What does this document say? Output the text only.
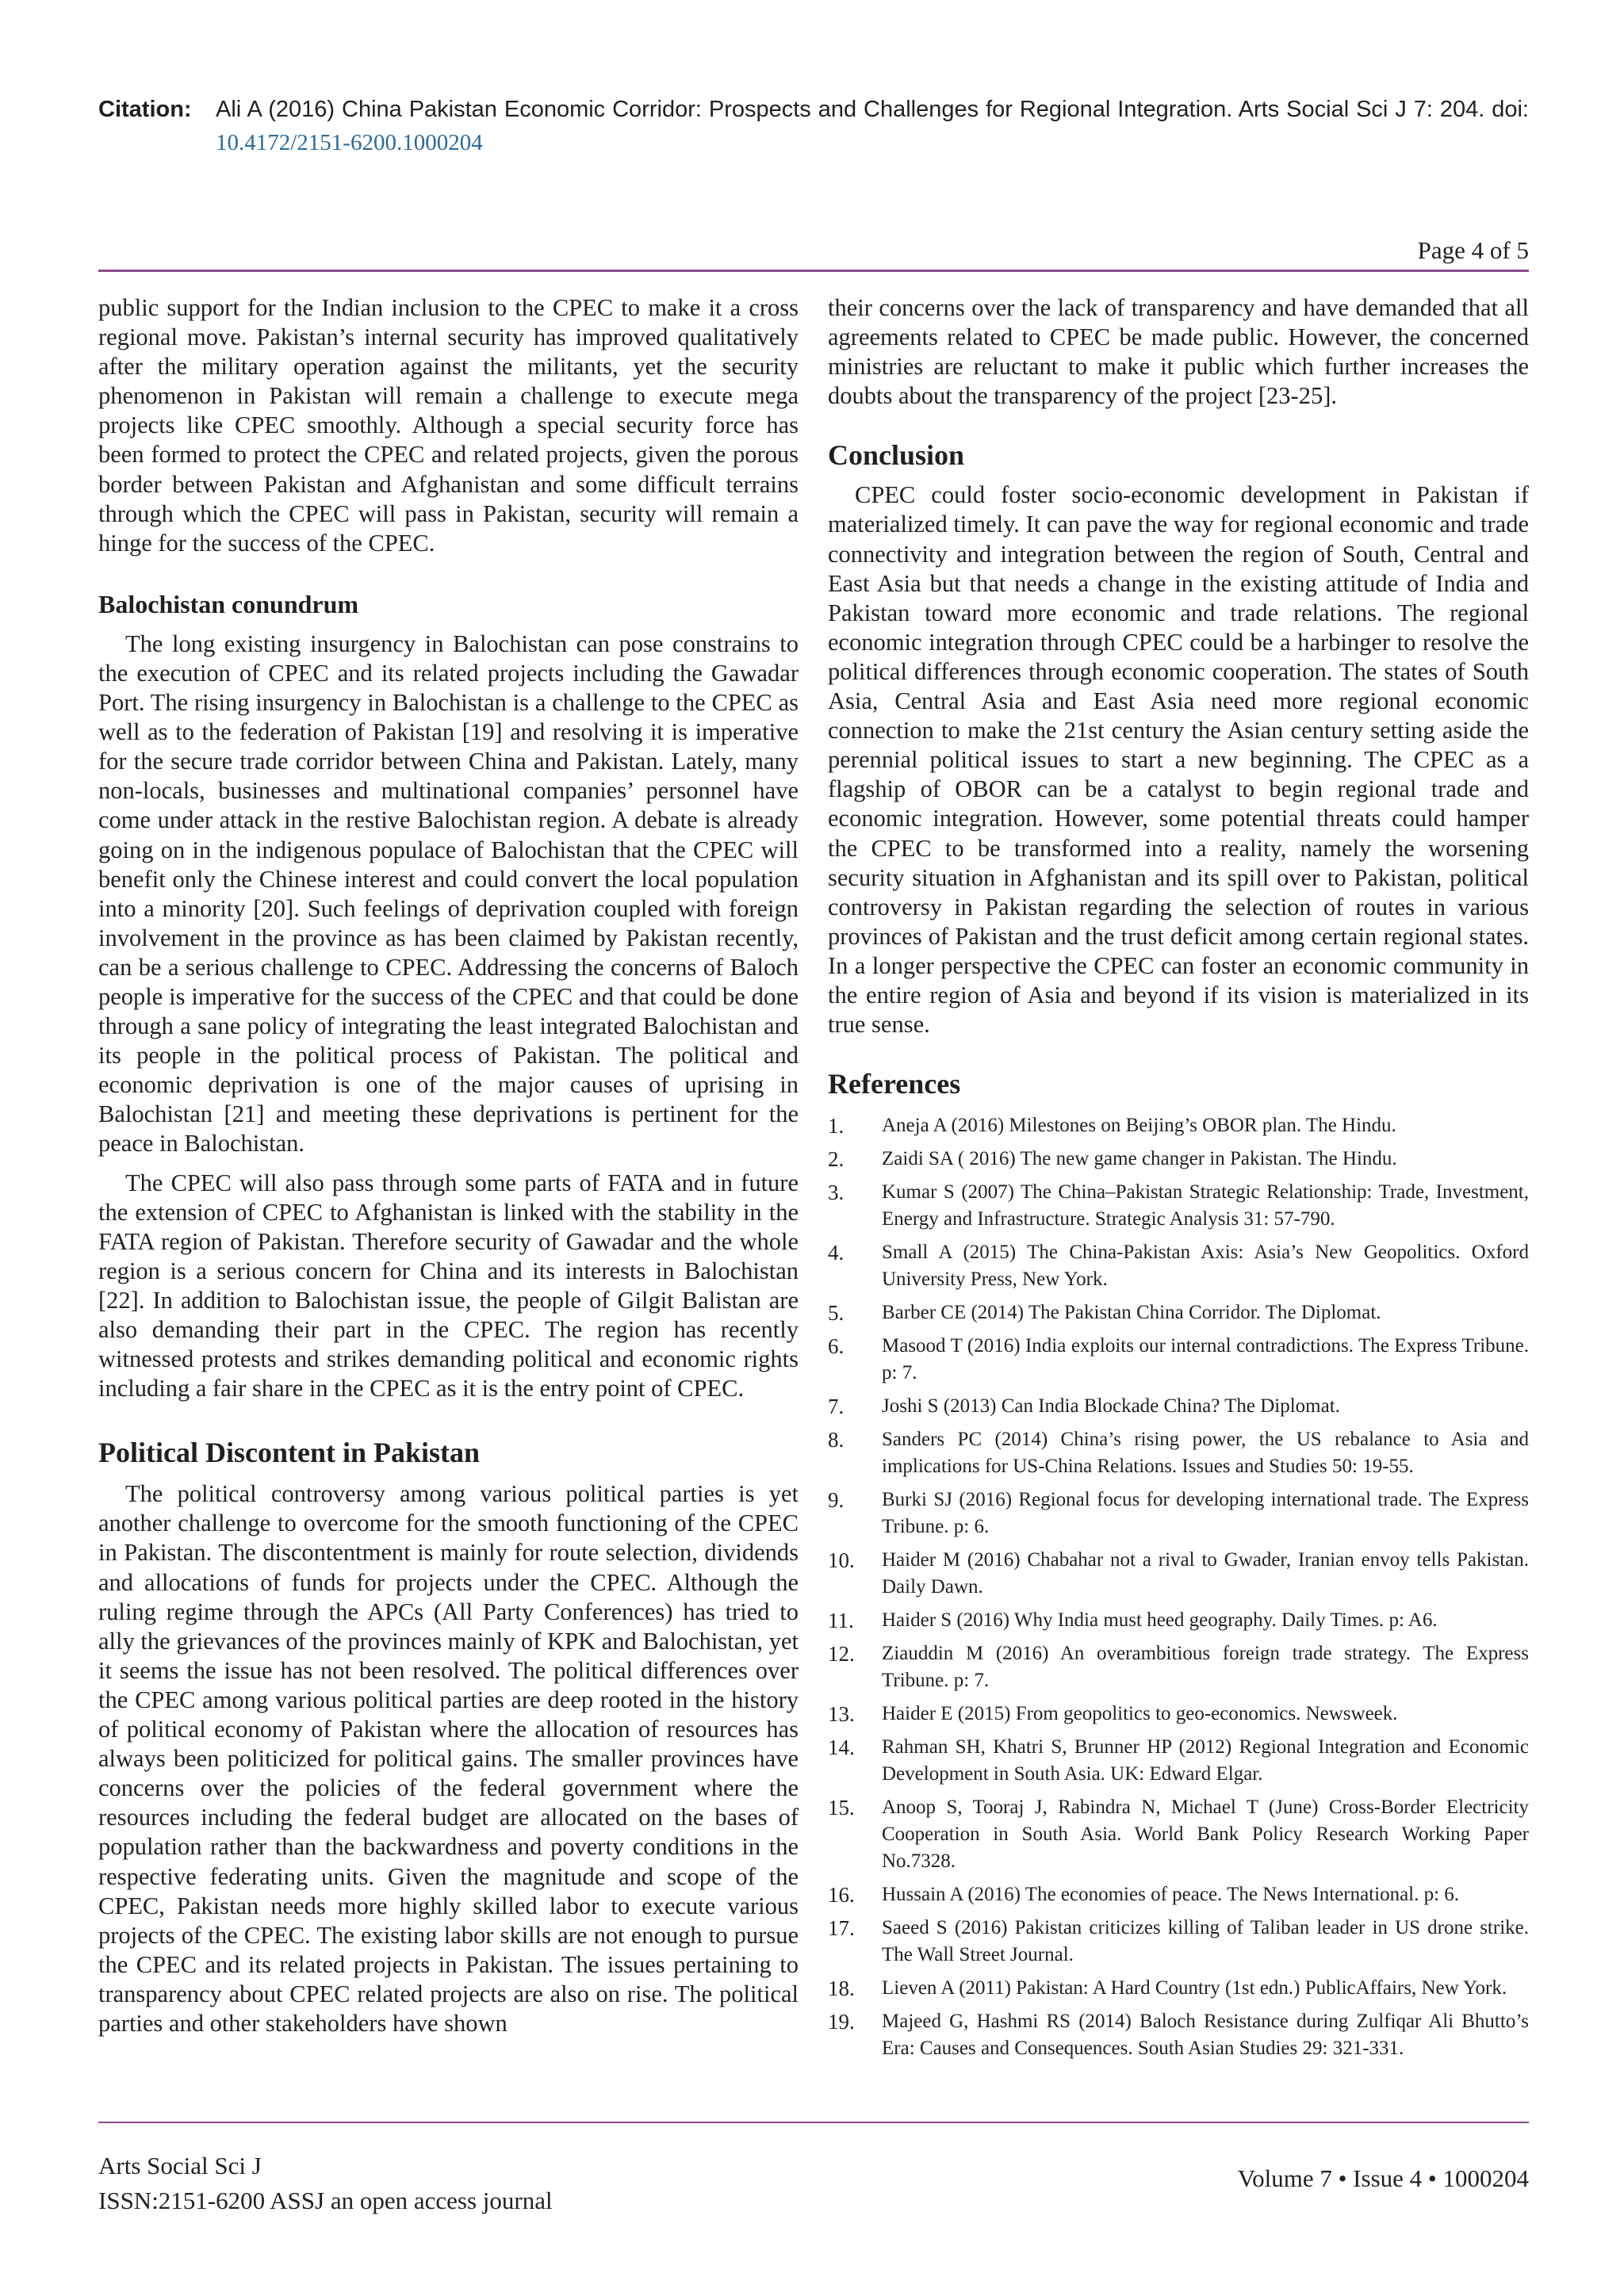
Citation: Ali A (2016) China Pakistan Economic Corridor: Prospects and Challenges for Regional Integration. Arts Social Sci J 7: 204. doi:
10.4172/2151-6200.1000204
Page 4 of 5

public support for the Indian inclusion to the CPEC to make it a cross regional move. Pakistan’s internal security has improved qualitatively after the military operation against the militants, yet the security phenomenon in Pakistan will remain a challenge to execute mega projects like CPEC smoothly. Although a special security force has been formed to protect the CPEC and related projects, given the porous border between Pakistan and Afghanistan and some difficult terrains through which the CPEC will pass in Pakistan, security will remain a hinge for the success of the CPEC.

Balochistan conundrum

The long existing insurgency in Balochistan can pose constrains to the execution of CPEC and its related projects including the Gawadar Port. The rising insurgency in Balochistan is a challenge to the CPEC as well as to the federation of Pakistan [19] and resolving it is imperative for the secure trade corridor between China and Pakistan. Lately, many non-locals, businesses and multinational companies’ personnel have come under attack in the restive Balochistan region. A debate is already going on in the indigenous populace of Balochistan that the CPEC will benefit only the Chinese interest and could convert the local population into a minority [20]. Such feelings of deprivation coupled with foreign involvement in the province as has been claimed by Pakistan recently, can be a serious challenge to CPEC. Addressing the concerns of Baloch people is imperative for the success of the CPEC and that could be done through a sane policy of integrating the least integrated Balochistan and its people in the political process of Pakistan. The political and economic deprivation is one of the major causes of uprising in Balochistan [21] and meeting these deprivations is pertinent for the peace in Balochistan.

The CPEC will also pass through some parts of FATA and in future the extension of CPEC to Afghanistan is linked with the stability in the FATA region of Pakistan. Therefore security of Gawadar and the whole region is a serious concern for China and its interests in Balochistan [22]. In addition to Balochistan issue, the people of Gilgit Balistan are also demanding their part in the CPEC. The region has recently witnessed protests and strikes demanding political and economic rights including a fair share in the CPEC as it is the entry point of CPEC.

Political Discontent in Pakistan

The political controversy among various political parties is yet another challenge to overcome for the smooth functioning of the CPEC in Pakistan. The discontentment is mainly for route selection, dividends and allocations of funds for projects under the CPEC. Although the ruling regime through the APCs (All Party Conferences) has tried to ally the grievances of the provinces mainly of KPK and Balochistan, yet it seems the issue has not been resolved. The political differences over the CPEC among various political parties are deep rooted in the history of political economy of Pakistan where the allocation of resources has always been politicized for political gains. The smaller provinces have concerns over the policies of the federal government where the resources including the federal budget are allocated on the bases of population rather than the backwardness and poverty conditions in the respective federating units. Given the magnitude and scope of the CPEC, Pakistan needs more highly skilled labor to execute various projects of the CPEC. The existing labor skills are not enough to pursue the CPEC and its related projects in Pakistan. The issues pertaining to transparency about CPEC related projects are also on rise. The political parties and other stakeholders have shown

their concerns over the lack of transparency and have demanded that all agreements related to CPEC be made public. However, the concerned ministries are reluctant to make it public which further increases the doubts about the transparency of the project [23-25].

Conclusion

CPEC could foster socio-economic development in Pakistan if materialized timely. It can pave the way for regional economic and trade connectivity and integration between the region of South, Central and East Asia but that needs a change in the existing attitude of India and Pakistan toward more economic and trade relations. The regional economic integration through CPEC could be a harbinger to resolve the political differences through economic cooperation. The states of South Asia, Central Asia and East Asia need more regional economic connection to make the 21st century the Asian century setting aside the perennial political issues to start a new beginning. The CPEC as a flagship of OBOR can be a catalyst to begin regional trade and economic integration. However, some potential threats could hamper the CPEC to be transformed into a reality, namely the worsening security situation in Afghanistan and its spill over to Pakistan, political controversy in Pakistan regarding the selection of routes in various provinces of Pakistan and the trust deficit among certain regional states. In a longer perspective the CPEC can foster an economic community in the entire region of Asia and beyond if its vision is materialized in its true sense.

References
1. Aneja A (2016) Milestones on Beijing’s OBOR plan. The Hindu.
2. Zaidi SA ( 2016) The new game changer in Pakistan. The Hindu.
3. Kumar S (2007) The China–Pakistan Strategic Relationship: Trade, Investment, Energy and Infrastructure. Strategic Analysis 31: 57-790.
4. Small A (2015) The China-Pakistan Axis: Asia’s New Geopolitics. Oxford University Press, New York.
5. Barber CE (2014) The Pakistan China Corridor. The Diplomat.
6. Masood T (2016) India exploits our internal contradictions. The Express Tribune. p: 7.
7. Joshi S (2013) Can India Blockade China? The Diplomat.
8. Sanders PC (2014) China’s rising power, the US rebalance to Asia and implications for US-China Relations. Issues and Studies 50: 19-55.
9. Burki SJ (2016) Regional focus for developing international trade. The Express Tribune. p: 6.
10. Haider M (2016) Chabahar not a rival to Gwader, Iranian envoy tells Pakistan. Daily Dawn.
11. Haider S (2016) Why India must heed geography. Daily Times. p: A6.
12. Ziauddin M (2016) An overambitious foreign trade strategy. The Express Tribune. p: 7.
13. Haider E (2015) From geopolitics to geo-economics. Newsweek.
14. Rahman SH, Khatri S, Brunner HP (2012) Regional Integration and Economic Development in South Asia. UK: Edward Elgar.
15. Anoop S, Tooraj J, Rabindra N, Michael T (June) Cross-Border Electricity Cooperation in South Asia. World Bank Policy Research Working Paper No.7328.
16. Hussain A (2016) The economies of peace. The News International. p: 6.
17. Saeed S (2016) Pakistan criticizes killing of Taliban leader in US drone strike. The Wall Street Journal.
18. Lieven A (2011) Pakistan: A Hard Country (1st edn.) PublicAffairs, New York.
19. Majeed G, Hashmi RS (2014) Baloch Resistance during Zulfiqar Ali Bhutto’s Era: Causes and Consequences. South Asian Studies 29: 321-331.
Arts Social Sci J
ISSN:2151-6200 ASSJ an open access journal
Volume 7 • Issue 4 • 1000204
